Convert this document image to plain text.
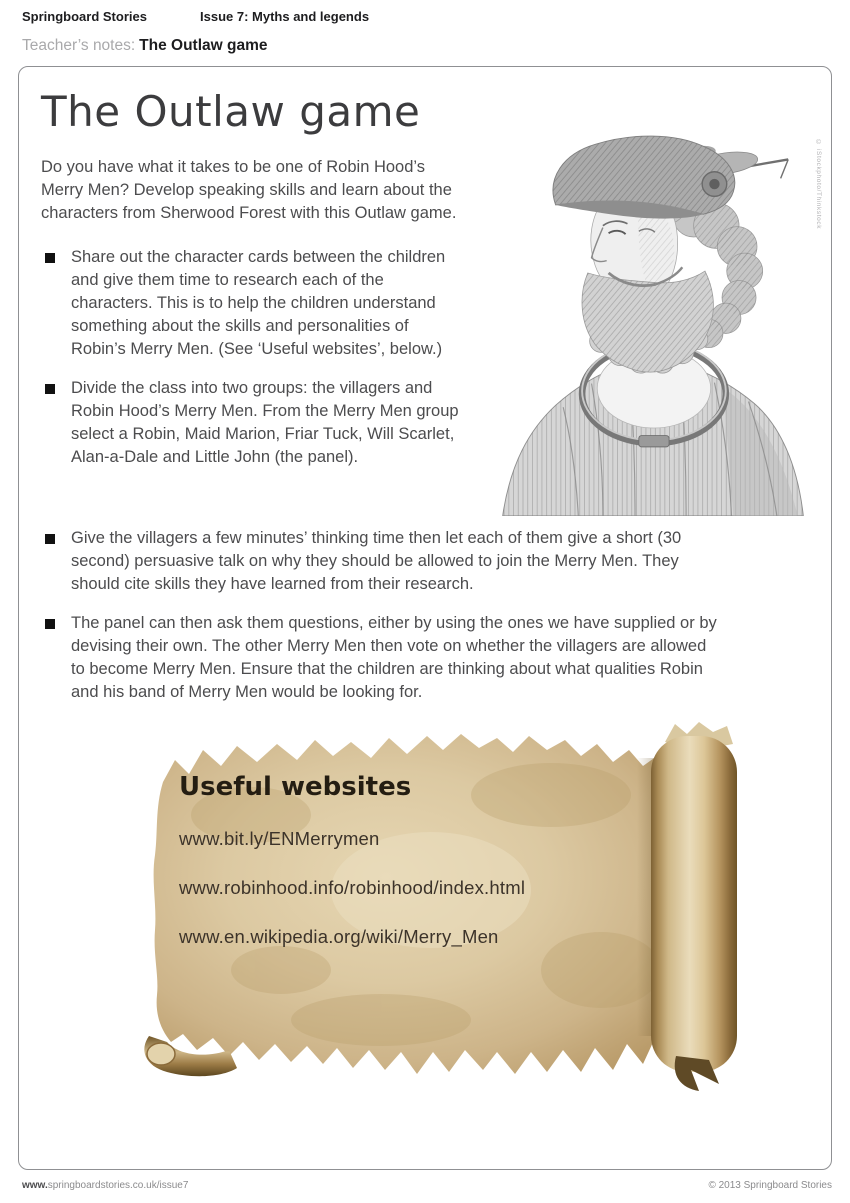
Springboard Stories	Issue 7: Myths and legends
Teacher’s notes: The Outlaw game
The Outlaw game
Do you have what it takes to be one of Robin Hood’s Merry Men? Develop speaking skills and learn about the characters from Sherwood Forest with this Outlaw game.
Share out the character cards between the children and give them time to research each of the characters. This is to help the children understand something about the skills and personalities of Robin’s Merry Men. (See ‘Useful websites’, below.)
Divide the class into two groups: the villagers and Robin Hood’s Merry Men. From the Merry Men group select a Robin, Maid Marion, Friar Tuck, Will Scarlet, Alan-a-Dale and Little John (the panel).
Give the villagers a few minutes’ thinking time then let each of them give a short (30 second) persuasive talk on why they should be allowed to join the Merry Men. They should cite skills they have learned from their research.
The panel can then ask them questions, either by using the ones we have supplied or by devising their own. The other Merry Men then vote on whether the villagers are allowed to become Merry Men. Ensure that the children are thinking about what qualities Robin and his band of Merry Men would be looking for.
Useful websites
www.bit.ly/ENMerrymen
www.robinhood.info/robinhood/index.html
www.en.wikipedia.org/wiki/Merry_Men
© iStockphoto/Thinkstock
www.springboardstories.co.uk/issue7	© 2013 Springboard Stories
